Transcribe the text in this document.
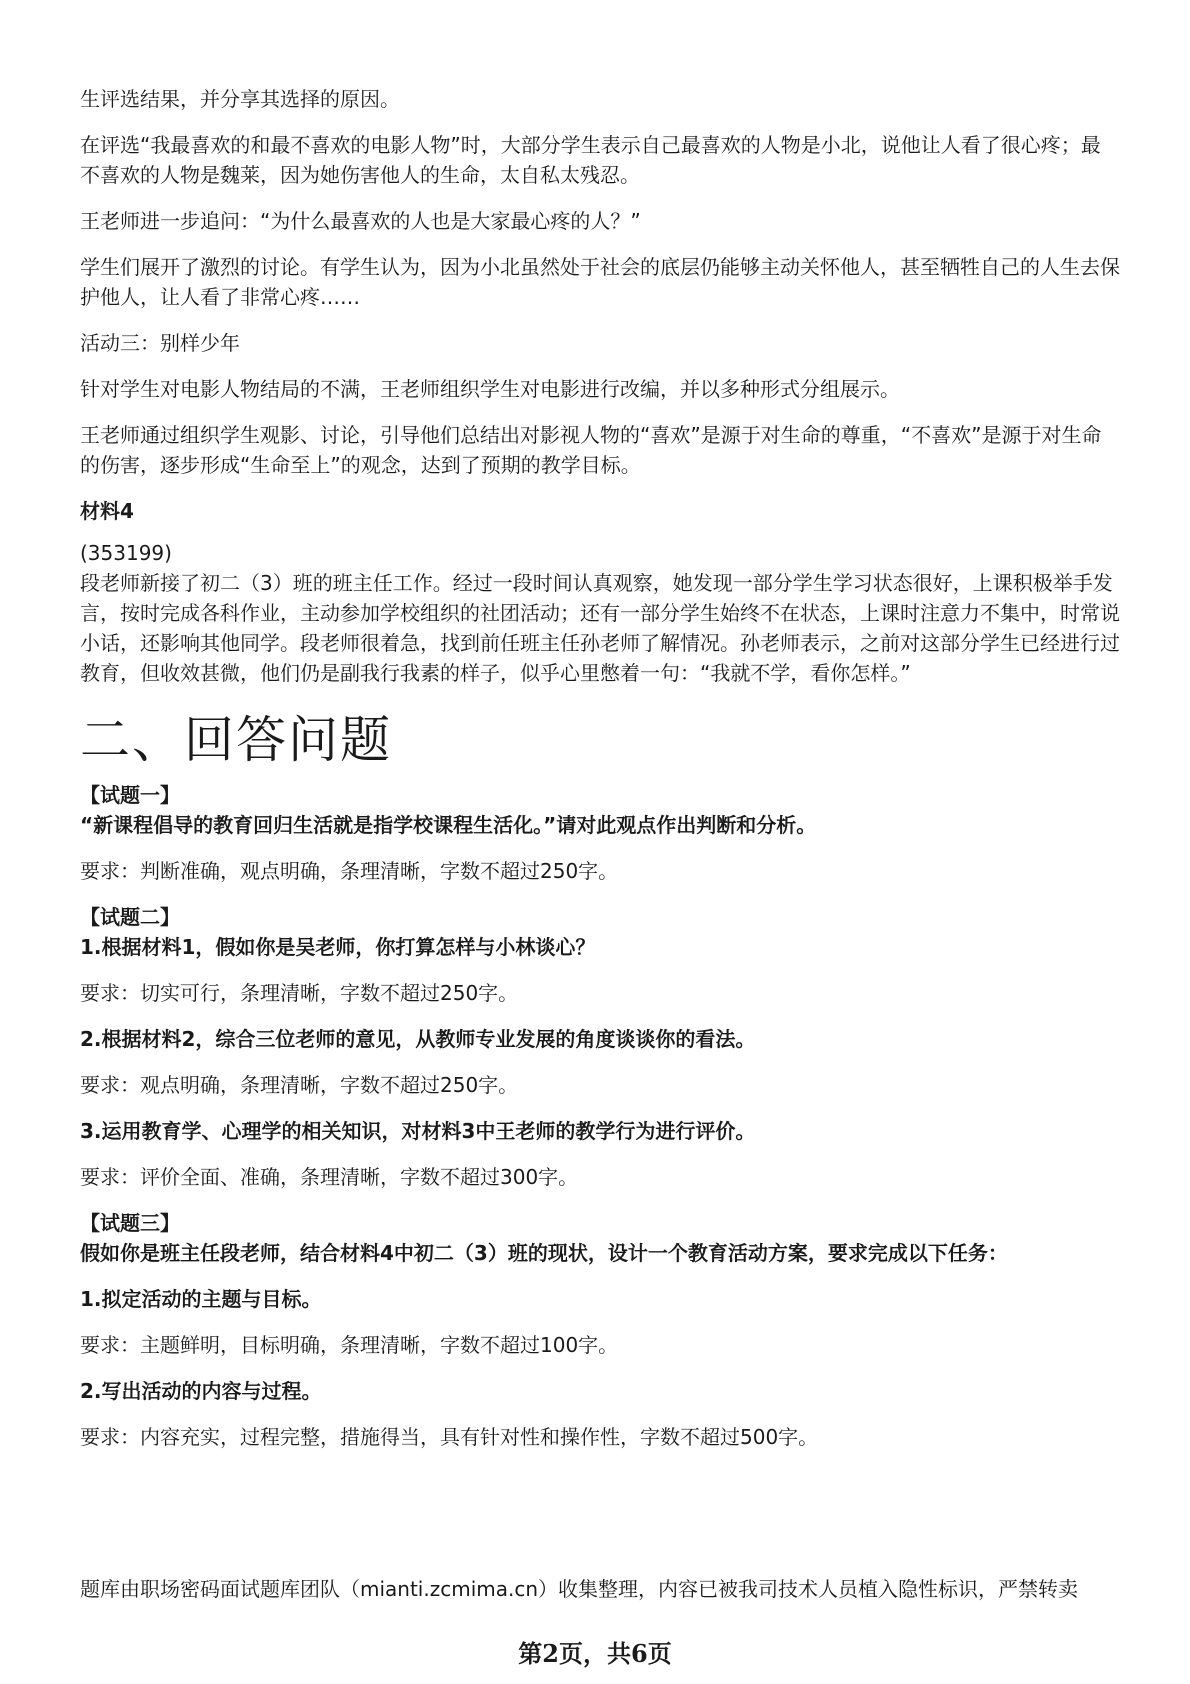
生评选结果，并分享其选择的原因。

在评选“我最喜欢的和最不喜欢的电影人物”时，大部分学生表示自己最喜欢的人物是小北，说他让人看了很心疼；最不喜欢的人物是魏莱，因为她伤害他人的生命，太自私太残忍。

王老师进一步追问：“为什么最喜欢的人也是大家最心疼的人？”

学生们展开了激烈的讨论。有学生认为，因为小北虽然处于社会的底层仍能够主动关怀他人，甚至牺牲自己的人生去保护他人，让人看了非常心疼……

活动三：别样少年

针对学生对电影人物结局的不满，王老师组织学生对电影进行改编，并以多种形式分组展示。

王老师通过组织学生观影、讨论，引导他们总结出对影视人物的“喜欢”是源于对生命的尊重，“不喜欢”是源于对生命的伤害，逐步形成“生命至上”的观念，达到了预期的教学目标。

材料4

(353199)

段老师新接了初二（3）班的班主任工作。经过一段时间认真观察，她发现一部分学生学习状态很好，上课积极举手发言，按时完成各科作业，主动参加学校组织的社团活动；还有一部分学生始终不在状态，上课时注意力不集中，时常说小话，还影响其他同学。段老师很着急，找到前任班主任孙老师了解情况。孙老师表示，之前对这部分学生已经进行过教育，但收效甚微，他们仍是副我行我素的样子，似乎心里憋着一句：“我就不学，看你怎样。”

二、回答问题

【试题一】

“新课程倡导的教育回归生活就是指学校课程生活化。”请对此观点作出判断和分析。

要求：判断准确，观点明确，条理清晰，字数不超过250字。

【试题二】

1.根据材料1，假如你是吴老师，你打算怎样与小林谈心？

要求：切实可行，条理清晰，字数不超过250字。

2.根据材料2，综合三位老师的意见，从教师专业发展的角度谈谈你的看法。

要求：观点明确，条理清晰，字数不超过250字。

3.运用教育学、心理学的相关知识，对材料3中王老师的教学行为进行评价。

要求：评价全面、准确，条理清晰，字数不超过300字。

【试题三】

假如你是班主任段老师，结合材料4中初二（3）班的现状，设计一个教育活动方案，要求完成以下任务：

1.拟定活动的主题与目标。

要求：主题鲜明，目标明确，条理清晰，字数不超过100字。

2.写出活动的内容与过程。

要求：内容充实，过程完整，措施得当，具有针对性和操作性，字数不超过500字。

题库由职场密码面试题库团队（mianti.zcmima.cn）收集整理，内容已被我司技术人员植入隐性标识，严禁转卖
第2页，共6页
